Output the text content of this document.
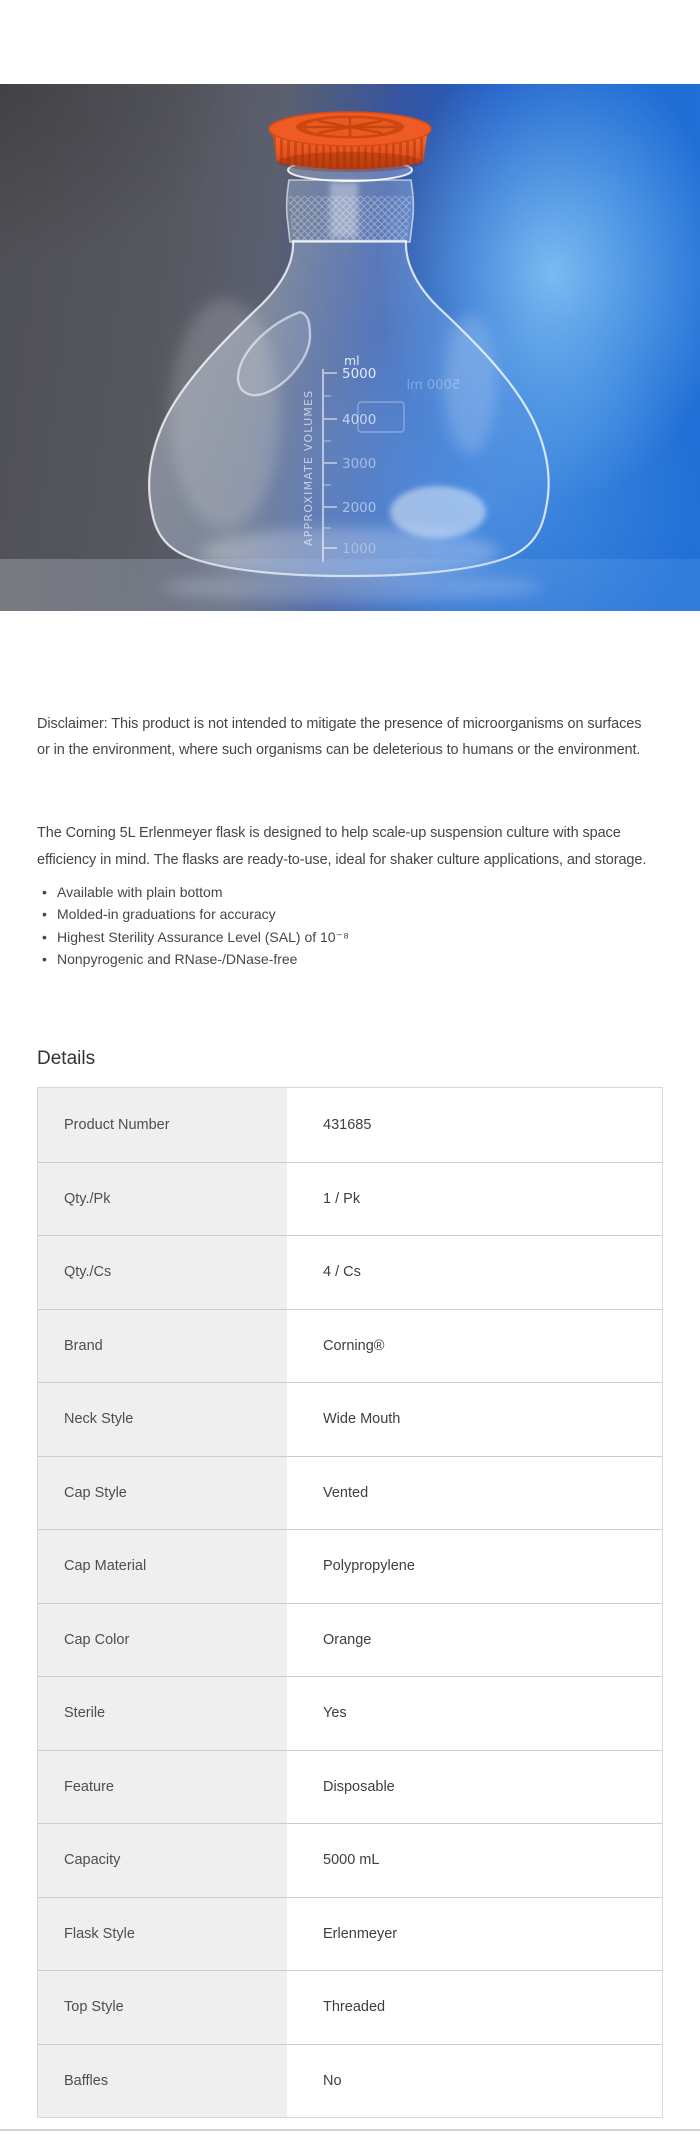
ml
5000
4000
3000
2000
1000
5000 ml
APPROXIMATE VOLUMES

Disclaimer: This product is not intended to mitigate the presence of microorganisms on surfaces
or in the environment, where such organisms can be deleterious to humans or the environment.

The Corning 5L Erlenmeyer flask is designed to help scale-up suspension culture with space
efficiency in mind. The flasks are ready-to-use, ideal for shaker culture applications, and storage.

• Available with plain bottom
• Molded-in graduations for accuracy
• Highest Sterility Assurance Level (SAL) of 10⁻⁸
• Nonpyrogenic and RNase-/DNase-free
Details
Product Number	431685
Qty./Pk	1 / Pk
Qty./Cs	4 / Cs
Brand	Corning®
Neck Style	Wide Mouth
Cap Style	Vented
Cap Material	Polypropylene
Cap Color	Orange
Sterile	Yes
Feature	Disposable
Capacity	5000 mL
Flask Style	Erlenmeyer
Top Style	Threaded
Baffles	No
